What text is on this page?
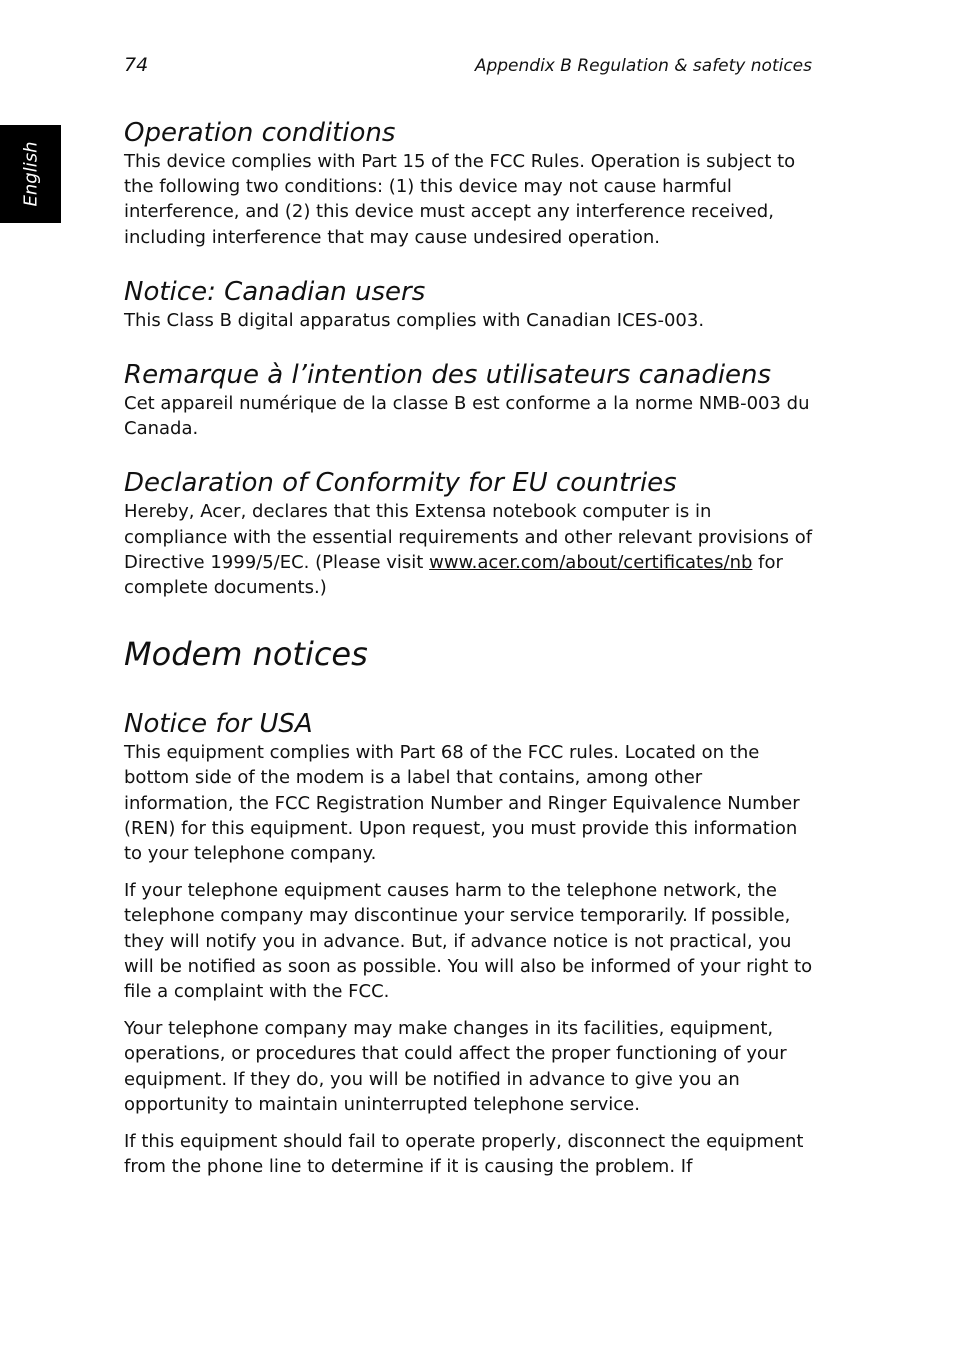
74	Appendix B Regulation & safety notices
English
Operation conditions

This device complies with Part 15 of the FCC Rules. Operation is subject to the following two conditions: (1) this device may not cause harmful interference, and (2) this device must accept any interference received, including interference that may cause undesired operation.

Notice: Canadian users

This Class B digital apparatus complies with Canadian ICES-003.

Remarque à l’intention des utilisateurs canadiens

Cet appareil numérique de la classe B est conforme a la norme NMB-003 du Canada.

Declaration of Conformity for EU countries

Hereby, Acer, declares that this Extensa notebook computer is in compliance with the essential requirements and other relevant provisions of Directive 1999/5/EC. (Please visit www.acer.com/about/certificates/nb for complete documents.)

Modem notices
Notice for USA

This equipment complies with Part 68 of the FCC rules. Located on the bottom side of the modem is a label that contains, among other information, the FCC Registration Number and Ringer Equivalence Number (REN) for this equipment. Upon request, you must provide this information to your telephone company.

If your telephone equipment causes harm to the telephone network, the telephone company may discontinue your service temporarily. If possible, they will notify you in advance. But, if advance notice is not practical, you will be notified as soon as possible. You will also be informed of your right to file a complaint with the FCC.

Your telephone company may make changes in its facilities, equipment, operations, or procedures that could affect the proper functioning of your equipment. If they do, you will be notified in advance to give you an opportunity to maintain uninterrupted telephone service.

If this equipment should fail to operate properly, disconnect the equipment from the phone line to determine if it is causing the problem. If
